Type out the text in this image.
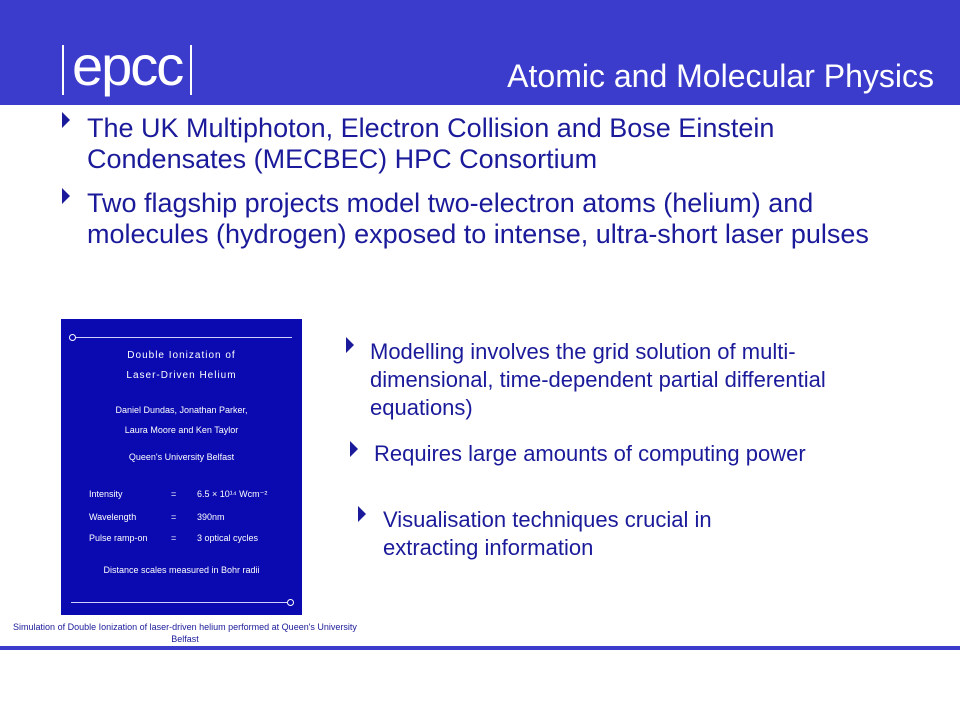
epcc	Atomic and Molecular Physics
The UK Multiphoton, Electron Collision and Bose Einstein Condensates (MECBEC) HPC Consortium
Two flagship projects model two-electron atoms (helium) and molecules (hydrogen) exposed to intense, ultra-short laser pulses
Modelling involves the grid solution of multi-dimensional, time-dependent partial differential equations)
Requires large amounts of computing power
Visualisation techniques crucial in extracting information
Double Ionization of
Laser-Driven Helium
Daniel Dundas, Jonathan Parker,
Laura Moore and Ken Taylor
Queen's University Belfast
Intensity	=	6.5 × 10¹⁴ Wcm⁻²
Wavelength	=	390nm
Pulse ramp-on	=	3 optical cycles
Distance scales measured in Bohr radii
Simulation of Double Ionization of laser-driven helium performed at Queen's University Belfast
